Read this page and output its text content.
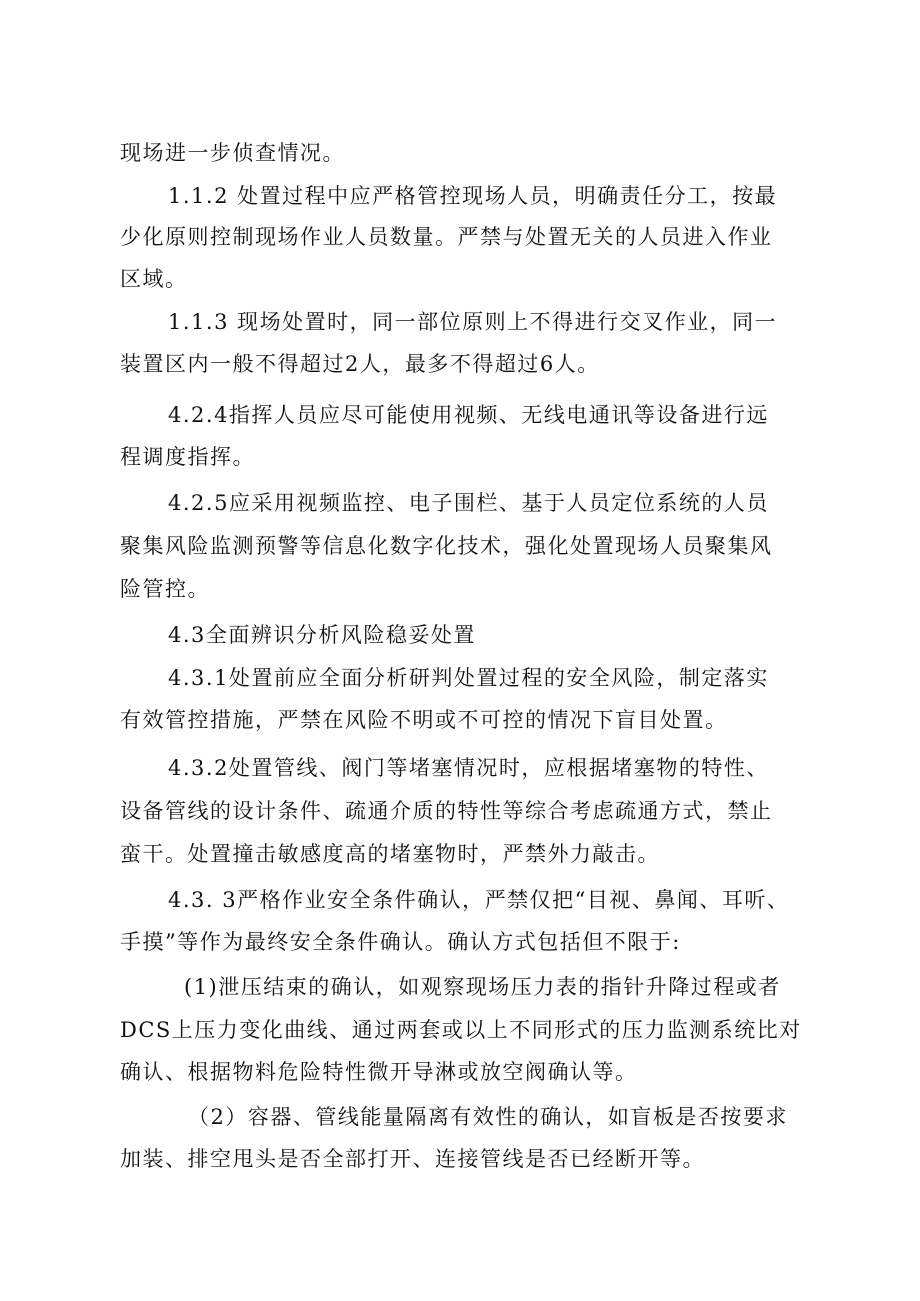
现场进一步侦查情况。
1.1.2 处置过程中应严格管控现场人员，明确责任分工，按最
少化原则控制现场作业人员数量。严禁与处置无关的人员进入作业
区域。
1.1.3 现场处置时，同一部位原则上不得进行交叉作业，同一
装置区内一般不得超过2人，最多不得超过6人。
4.2.4指挥人员应尽可能使用视频、无线电通讯等设备进行远
程调度指挥。
4.2.5应采用视频监控、电子围栏、基于人员定位系统的人员
聚集风险监测预警等信息化数字化技术，强化处置现场人员聚集风
险管控。
4.3全面辨识分析风险稳妥处置
4.3.1处置前应全面分析研判处置过程的安全风险，制定落实
有效管控措施，严禁在风险不明或不可控的情况下盲目处置。
4.3.2处置管线、阀门等堵塞情况时，应根据堵塞物的特性、
设备管线的设计条件、疏通介质的特性等综合考虑疏通方式，禁止
蛮干。处置撞击敏感度高的堵塞物时，严禁外力敲击。
4.3. 3严格作业安全条件确认，严禁仅把“目视、鼻闻、耳听、
手摸”等作为最终安全条件确认。确认方式包括但不限于:
(1)泄压结束的确认，如观察现场压力表的指针升降过程或者
DCS上压力变化曲线、通过两套或以上不同形式的压力监测系统比对
确认、根据物料危险特性微开导淋或放空阀确认等。
（2）容器、管线能量隔离有效性的确认，如盲板是否按要求
加装、排空甩头是否全部打开、连接管线是否已经断开等。
